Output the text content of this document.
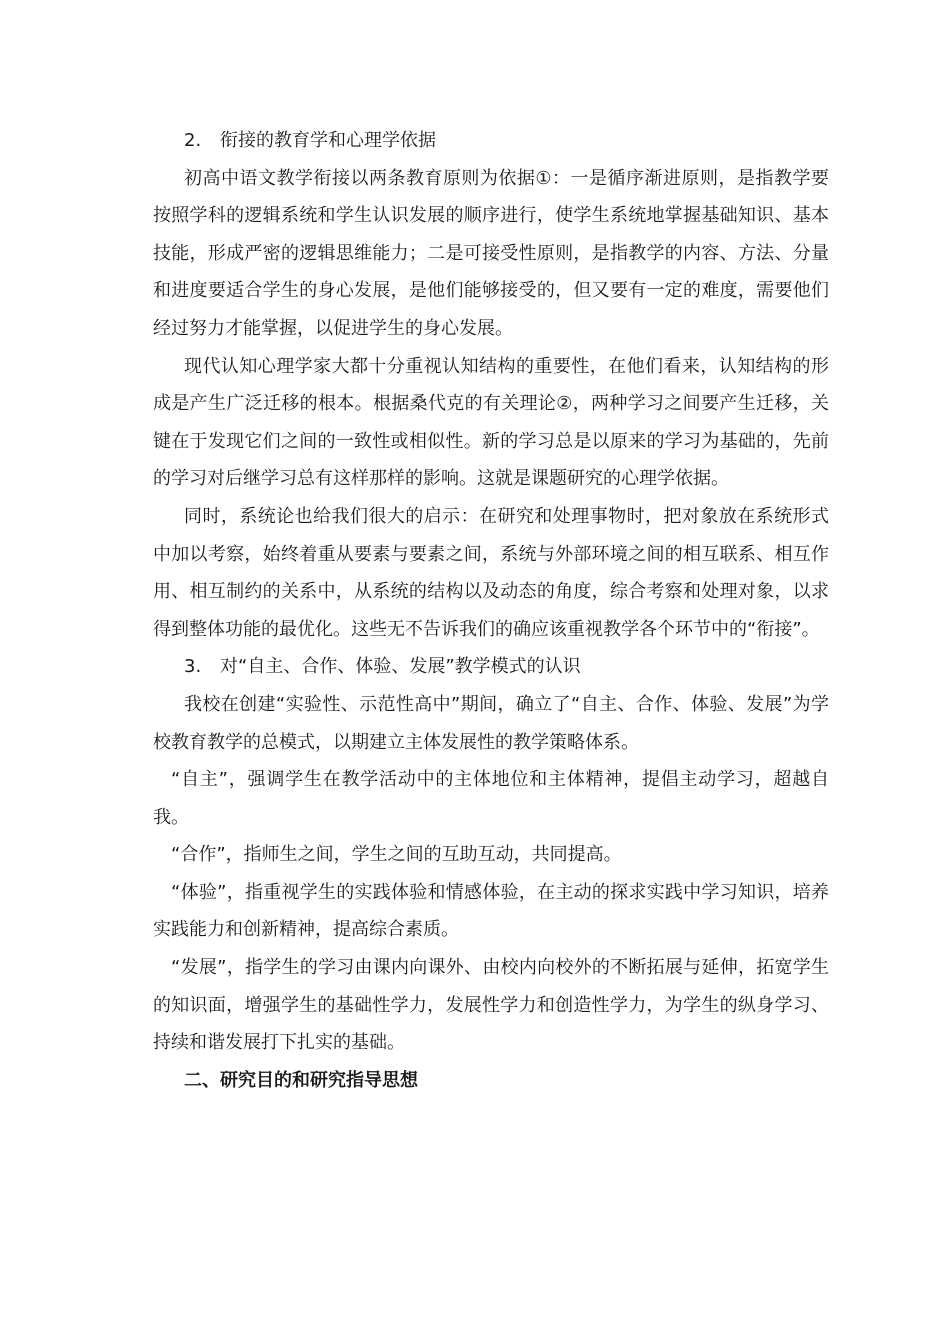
2. 衔接的教育学和心理学依据

初高中语文教学衔接以两条教育原则为依据①：一是循序渐进原则，是指教学要按照学科的逻辑系统和学生认识发展的顺序进行，使学生系统地掌握基础知识、基本技能，形成严密的逻辑思维能力；二是可接受性原则，是指教学的内容、方法、分量和进度要适合学生的身心发展，是他们能够接受的，但又要有一定的难度，需要他们经过努力才能掌握，以促进学生的身心发展。

现代认知心理学家大都十分重视认知结构的重要性，在他们看来，认知结构的形成是产生广泛迁移的根本。根据桑代克的有关理论②，两种学习之间要产生迁移，关键在于发现它们之间的一致性或相似性。新的学习总是以原来的学习为基础的，先前的学习对后继学习总有这样那样的影响。这就是课题研究的心理学依据。

同时，系统论也给我们很大的启示：在研究和处理事物时，把对象放在系统形式中加以考察，始终着重从要素与要素之间，系统与外部环境之间的相互联系、相互作用、相互制约的关系中，从系统的结构以及动态的角度，综合考察和处理对象，以求得到整体功能的最优化。这些无不告诉我们的确应该重视教学各个环节中的“衔接”。

3. 对“自主、合作、体验、发展”教学模式的认识

我校在创建“实验性、示范性高中”期间，确立了“自主、合作、体验、发展”为学校教育教学的总模式，以期建立主体发展性的教学策略体系。

“自主”，强调学生在教学活动中的主体地位和主体精神，提倡主动学习，超越自我。

“合作”，指师生之间，学生之间的互助互动，共同提高。

“体验”，指重视学生的实践体验和情感体验，在主动的探求实践中学习知识，培养实践能力和创新精神，提高综合素质。

“发展”，指学生的学习由课内向课外、由校内向校外的不断拓展与延伸，拓宽学生的知识面，增强学生的基础性学力，发展性学力和创造性学力，为学生的纵身学习、持续和谐发展打下扎实的基础。

二、研究目的和研究指导思想
